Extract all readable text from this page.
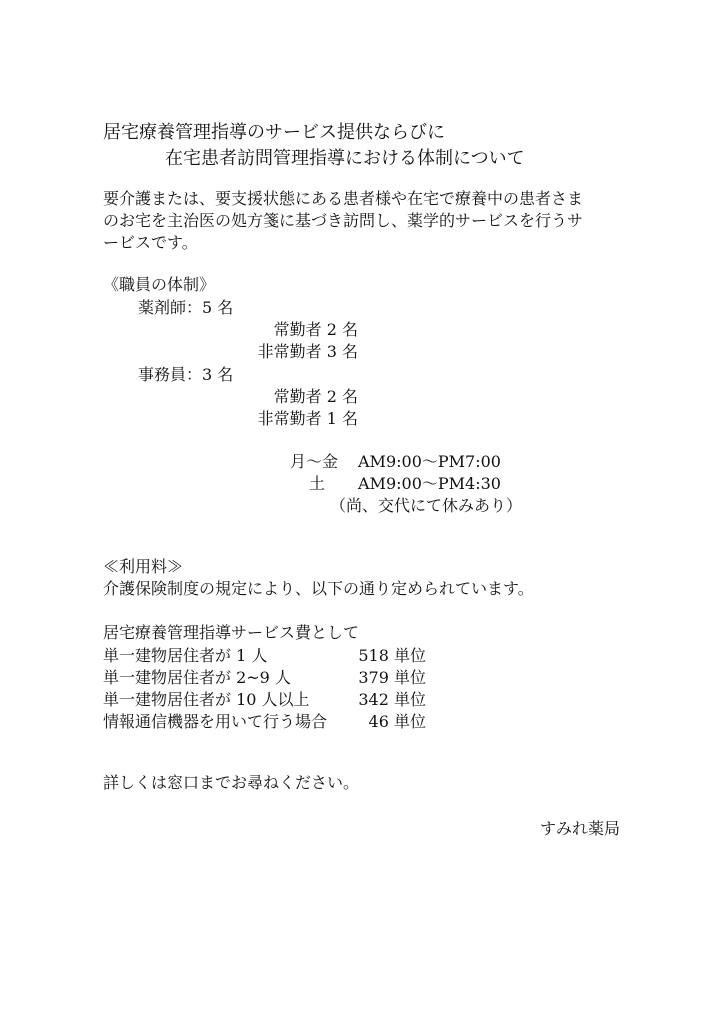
居宅療養管理指導のサービス提供ならびに
在宅患者訪問管理指導における体制について
要介護または、要支援状態にある患者様や在宅で療養中の患者さま
のお宅を主治医の処方箋に基づき訪問し、薬学的サービスを行うサ
ービスです。
《職員の体制》
薬剤師：5 名
常勤者 2 名
非常勤者 3 名
事務員：3 名
常勤者 2 名
非常勤者 1 名
月～金 AM9:00～PM7:00
土 AM9:00～PM4:30
（尚、交代にて休みあり）
≪利用料≫
介護保険制度の規定により、以下の通り定められています。
居宅療養管理指導サービス費として
単一建物居住者が 1 人	518 単位
単一建物居住者が 2~9 人	379 単位
単一建物居住者が 10 人以上	342 単位
情報通信機器を用いて行う場合	46 単位
詳しくは窓口までお尋ねください。
すみれ薬局
